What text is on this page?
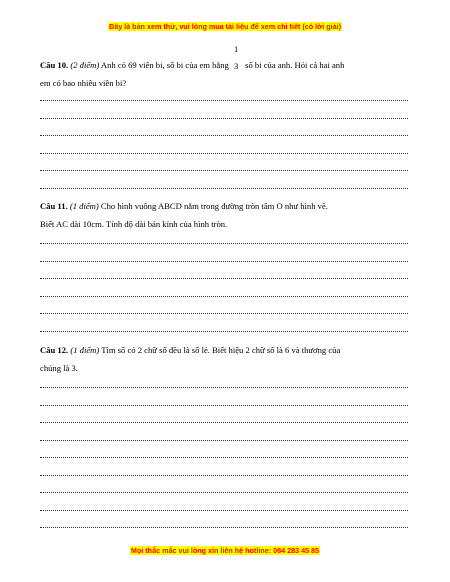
Đây là bản xem thử, vui lòng mua tài liệu để xem chi tiết (có lời giải)
Câu 10. (2 điểm) Anh có 69 viên bi, số bi của em bằng
1
3 số bi của anh. Hỏi cả hai anh
em có bao nhiêu viên bi?
Câu 11. (1 điểm) Cho hình vuông ABCD nằm trong đường tròn tâm O như hình vẽ.
Biết AC dài 10cm. Tính độ dài bán kính của hình tròn.
Câu 12. (1 điểm) Tìm số có 2 chữ số đều là số lẻ. Biết hiệu 2 chữ số là 6 và thương của
chúng là 3.
Mọi thắc mắc vui lòng xin liên hệ hotline: 084 283 45 85
